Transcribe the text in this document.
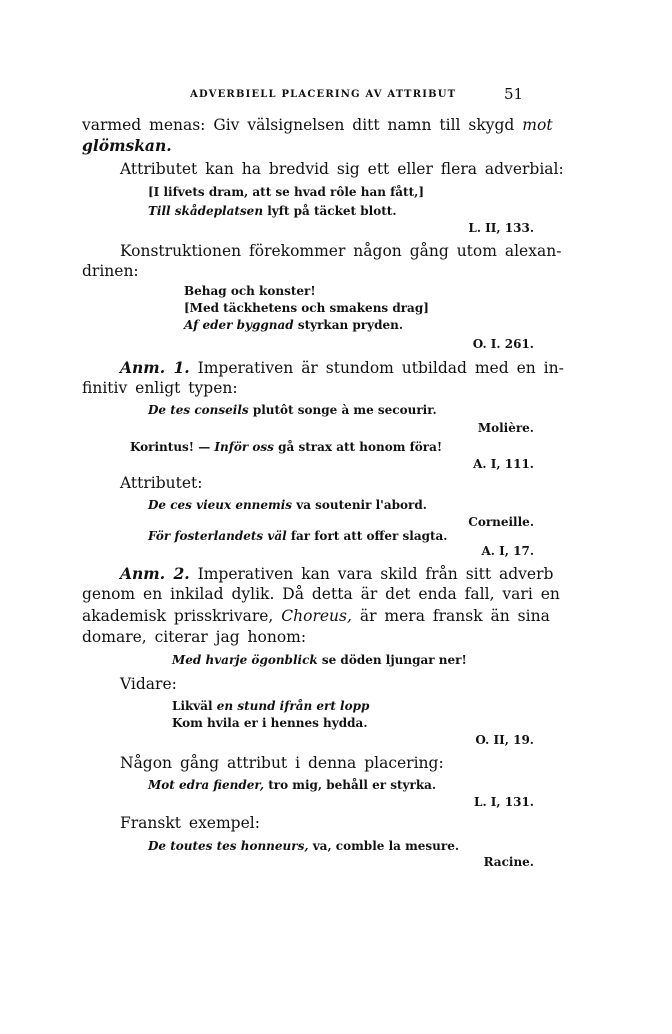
ADVERBIELL PLACERING AV ATTRIBUT	51
varmed menas: Giv välsignelsen ditt namn till skygd mot
glömskan.
Attributet kan ha bredvid sig ett eller flera adverbial:
[I lifvets dram, att se hvad rôle han fått,]
Till skådeplatsen lyft på täcket blott.
L. II, 133.
Konstruktionen förekommer någon gång utom alexan-
drinen:
Behag och konster!
[Med täckhetens och smakens drag]
Af eder byggnad styrkan pryden.
O. I. 261.
Anm. 1. Imperativen är stundom utbildad med en in-
finitiv enligt typen:
De tes conseils plutôt songe à me secourir.
Molière.
Korintus! — Inför oss gå strax att honom föra!
A. I, 111.
Attributet:
De ces vieux ennemis va soutenir l'abord.
Corneille.
För fosterlandets väl far fort att offer slagta.
A. I, 17.
Anm. 2. Imperativen kan vara skild från sitt adverb
genom en inkilad dylik. Då detta är det enda fall, vari en
akademisk prisskrivare, Choreus, är mera fransk än sina
domare, citerar jag honom:
Med hvarje ögonblick se döden ljungar ner!
Vidare:
Likväl en stund ifrån ert lopp
Kom hvila er i hennes hydda.
O. II, 19.
Någon gång attribut i denna placering:
Mot edra fiender, tro mig, behåll er styrka.
L. I, 131.
Franskt exempel:
De toutes tes honneurs, va, comble la mesure.
Racine.
